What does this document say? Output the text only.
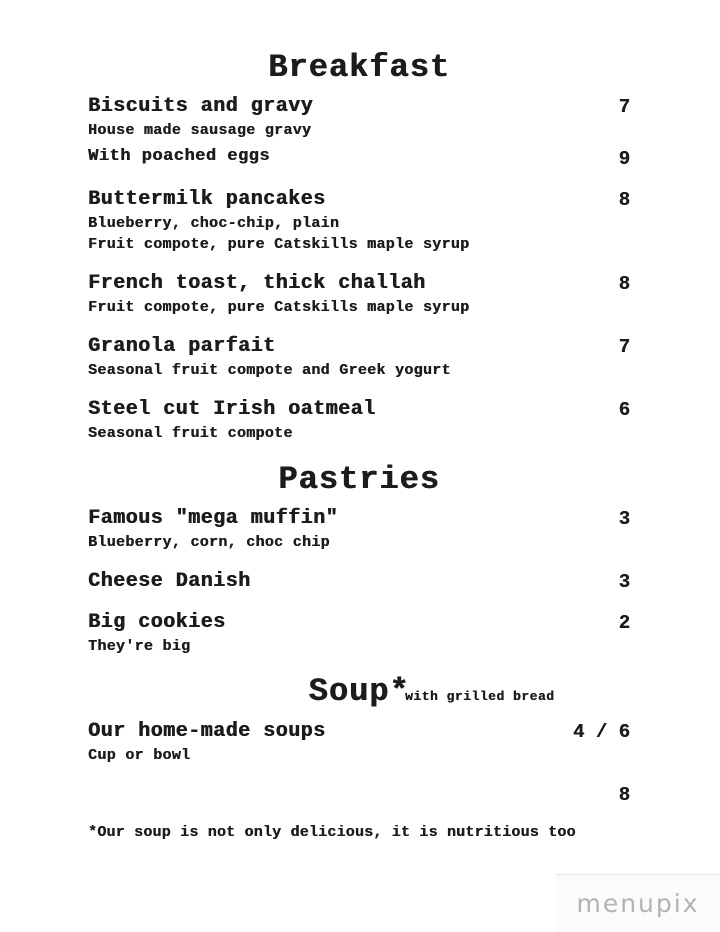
Breakfast
Biscuits and gravy	7
House made sausage gravy
With poached eggs	9
Buttermilk pancakes	8
Blueberry, choc-chip, plain
Fruit compote, pure Catskills maple syrup
French toast, thick challah	8
Fruit compote, pure Catskills maple syrup
Granola parfait	7
Seasonal fruit compote and Greek yogurt
Steel cut Irish oatmeal	6
Seasonal fruit compote
Pastries
Famous "mega muffin"	3
Blueberry, corn, choc chip
Cheese Danish	3
Big cookies	2
They're big
Soup*
with grilled bread
Our home-made soups	4 / 6
Cup or bowl
8
*Our soup is not only delicious, it is nutritious too
menupix
